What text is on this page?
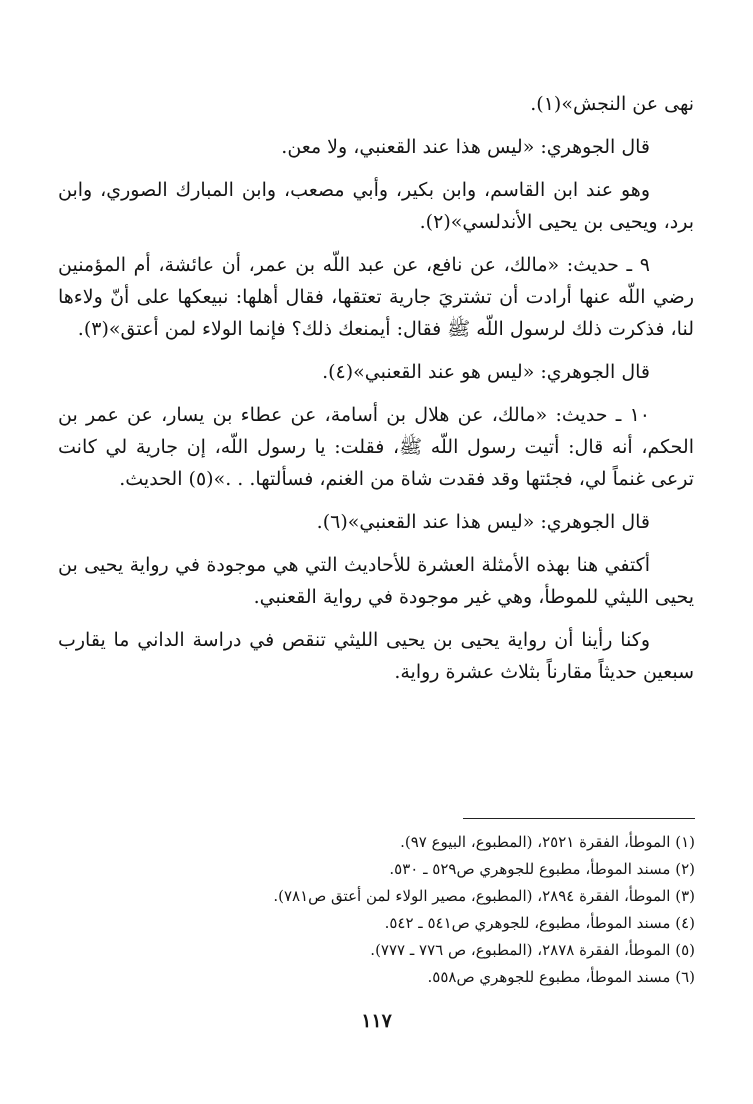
نهى عن النجش»(١).

قال الجوهري: «ليس هذا عند القعنبي، ولا معن.

وهو عند ابن القاسم، وابن بكير، وأبي مصعب، وابن المبارك الصوري، وابن برد، ويحيى بن يحيى الأندلسي»(٢).

٩ ـ حديث: «مالك، عن نافع، عن عبد اللّه بن عمر، أن عائشة، أم المؤمنين رضي اللّه عنها أرادت أن تشتريَ جارية تعتقها، فقال أهلها: نبيعكها على أنّ ولاءها لنا، فذكرت ذلك لرسول اللّه ﷺ فقال: أيمنعك ذلك؟ فإنما الولاء لمن أعتق»(٣).

قال الجوهري: «ليس هو عند القعنبي»(٤).

١٠ ـ حديث: «مالك، عن هلال بن أسامة، عن عطاء بن يسار، عن عمر بن الحكم، أنه قال: أتيت رسول اللّه ﷺ، فقلت: يا رسول اللّه، إن جارية لي كانت ترعى غنماً لي، فجئتها وقد فقدت شاة من الغنم، فسألتها. . .»(٥) الحديث.

قال الجوهري: «ليس هذا عند القعنبي»(٦).

أكتفي هنا بهذه الأمثلة العشرة للأحاديث التي هي موجودة في رواية يحيى بن يحيى الليثي للموطأ، وهي غير موجودة في رواية القعنبي.

وكنا رأينا أن رواية يحيى بن يحيى الليثي تنقص في دراسة الداني ما يقارب سبعين حديثاً مقارناً بثلاث عشرة رواية.

(١) الموطأ، الفقرة ٢٥٢١، (المطبوع، البيوع ٩٧).
(٢) مسند الموطأ، مطبوع للجوهري ص٥٢٩ ـ ٥٣٠.
(٣) الموطأ، الفقرة ٢٨٩٤، (المطبوع، مصير الولاء لمن أعتق ص٧٨١).
(٤) مسند الموطأ، مطبوع، للجوهري ص٥٤١ ـ ٥٤٢.
(٥) الموطأ، الفقرة ٢٨٧٨، (المطبوع، ص ٧٧٦ ـ ٧٧٧).
(٦) مسند الموطأ، مطبوع للجوهري ص٥٥٨.
١١٧
